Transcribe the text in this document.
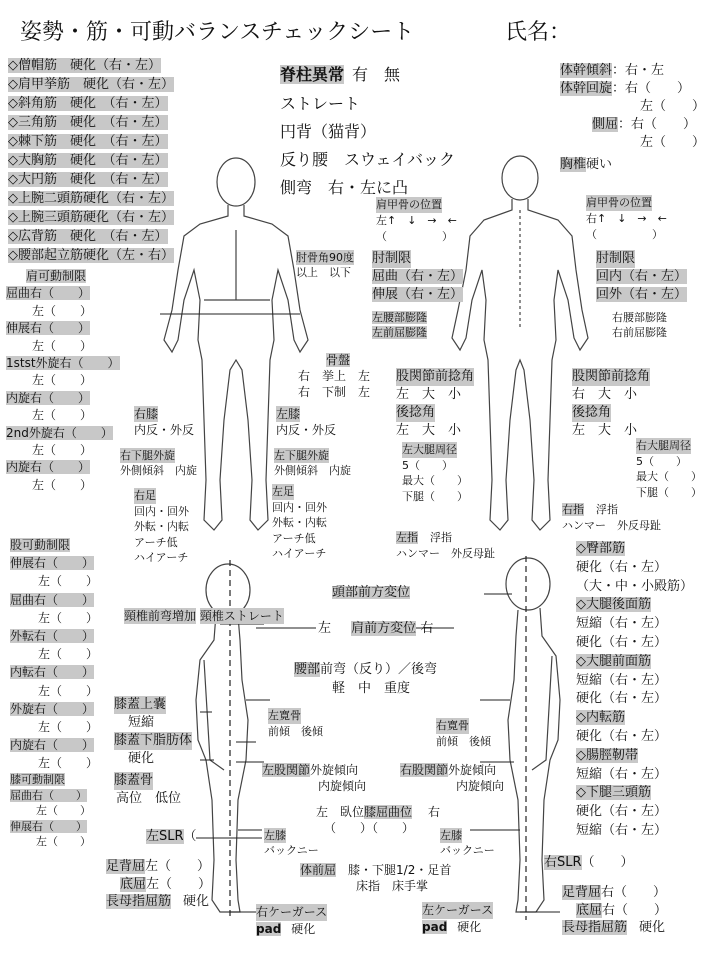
姿勢・筋・可動バランスチェックシート	氏名：
◇僧帽筋　硬化（右・左）
◇肩甲挙筋　硬化（右・左）
◇斜角筋　硬化　（右・左）
◇三角筋　硬化　（右・左）
◇棘下筋　硬化　（右・左）
◇大胸筋　硬化　（右・左）
◇大円筋　硬化　（右・左）
◇上腕二頭筋硬化（右・左）
◇上腕三頭筋硬化（右・左）
◇広背筋　硬化　（右・左）
◇腰部起立筋硬化（左・右）
脊柱異常 有　無
ストレート
円背（猫背）
反り腰　スウェイバック
側弯　右・左に凸
体幹傾斜：右・左
体幹回旋：右（　　）
左（　　）
側屈：右（　　）
左（　　）
胸椎硬い
肩可動制限
屈曲右（　　）
左（　　）
伸展右（　　）
左（　　）
1stst外旋右（　　）
左（　　）
内旋右（　　）
左（　　）
2nd外旋右（　　）
左（　　）
内旋右（　　）
左（　　）
肩甲骨の位置
左↑　↓　→　←
（　　　　　）
肩甲骨の位置
右↑　↓　→　←
（　　　　　）
肘骨角90度
以上　以下
肘制限
屈曲（右・左）
伸展（右・左）
左腰部膨隆
左前屈膨隆
肘制限
回内（右・左）
回外（右・左）
右腰部膨隆
右前屈膨隆
骨盤
右　挙上　左
右　下制　左
股関節前捻角
左　大　小
後捻角
左　大　小
股関節前捻角
右　大　小
後捻角
左　大　小
左大腿周径
5（　　）
最大（　　）
下腿（　　）
右大腿周径
5（　　）
最大（　　）
下腿（　　）
右膝
内反・外反
左膝
内反・外反
右下腿外旋
外側傾斜　内旋
左下腿外旋
外側傾斜　内旋
右足
回内・回外
外転・内転
アーチ低
ハイアーチ
左足
回内・回外
外転・内転
アーチ低
ハイアーチ
右指 浮指
ハンマー　外反母趾
左指 浮指
ハンマー　外反母趾
股可動制限
伸展右（　　）
左（　　）
屈曲右（　　）
左（　　）
外転右（　　）
左（　　）
内転右（　　）
左（　　）
外旋右（　　）
左（　　）
内旋右（　　）
左（　　）
膝可動制限
屈曲右（　　）
左（　　）
伸展右（　　）
左（　　）
◇臀部筋
硬化（右・左）
（大・中・小殿筋）
◇大腿後面筋
短縮（右・左）
硬化（右・左）
◇大腿前面筋
短縮（右・左）
硬化（右・左）
◇内転筋
硬化（右・左）
◇腸脛靭帯
短縮（右・左）
◇下腿三頭筋
硬化（右・左）
短縮（右・左）
頭部前方変位
頸椎前弯増加 頸椎ストレート
左 肩前方変位 右
腰部前弯（反り）／後弯
軽　中　重度
膝蓋上嚢
短縮
膝蓋下脂肪体
硬化
膝蓋骨
高位　低位
左寛骨
前傾　後傾	右寛骨
前傾　後傾
左股関節外旋傾向
内旋傾向
右股関節外旋傾向
内旋傾向
左　臥位膝屈曲位 右
（　　）（　　）
左SLR（
右SLR（　　）
左膝
バックニー
左膝
バックニー
体前屈 膝・下腿1/2・足首
床指　床手掌
足背屈左（　　）
底屈左（　　）
長母指屈筋 硬化
足背屈右（　　）
底屈右（　　）
長母指屈筋 硬化
右ケーガース
pad 硬化
左ケーガース
pad 硬化
